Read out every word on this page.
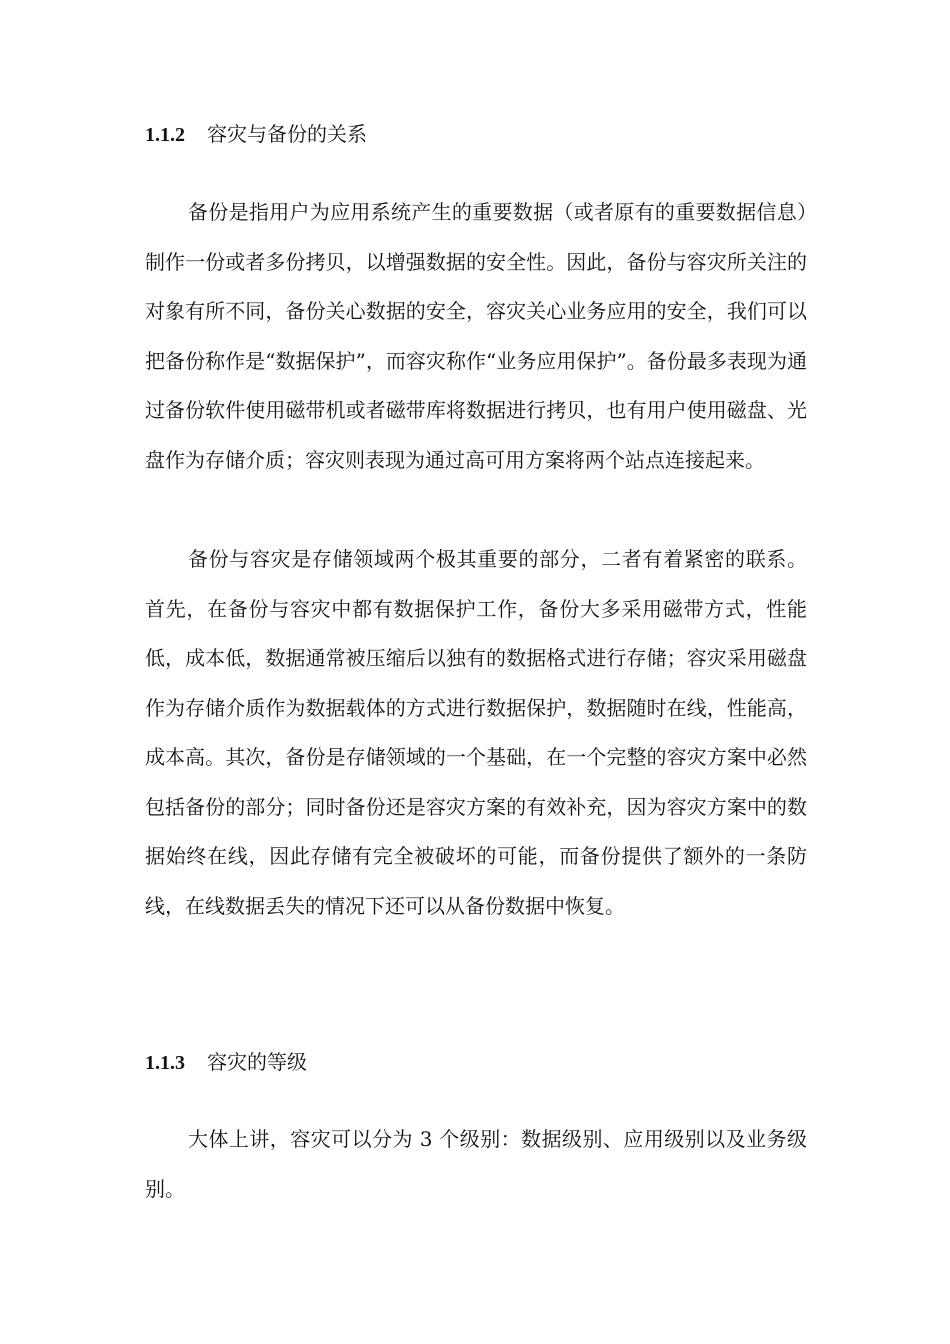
1.1.2 容灾与备份的关系

备份是指用户为应用系统产生的重要数据（或者原有的重要数据信息）制作一份或者多份拷贝，以增强数据的安全性。因此，备份与容灾所关注的对象有所不同，备份关心数据的安全，容灾关心业务应用的安全，我们可以把备份称作是“数据保护”，而容灾称作“业务应用保护”。备份最多表现为通过备份软件使用磁带机或者磁带库将数据进行拷贝，也有用户使用磁盘、光盘作为存储介质；容灾则表现为通过高可用方案将两个站点连接起来。

备份与容灾是存储领域两个极其重要的部分，二者有着紧密的联系。首先，在备份与容灾中都有数据保护工作，备份大多采用磁带方式，性能低，成本低，数据通常被压缩后以独有的数据格式进行存储；容灾采用磁盘作为存储介质作为数据载体的方式进行数据保护，数据随时在线，性能高，成本高。其次，备份是存储领域的一个基础，在一个完整的容灾方案中必然包括备份的部分；同时备份还是容灾方案的有效补充，因为容灾方案中的数据始终在线，因此存储有完全被破坏的可能，而备份提供了额外的一条防线，在线数据丢失的情况下还可以从备份数据中恢复。

1.1.3 容灾的等级

大体上讲，容灾可以分为 3 个级别：数据级别、应用级别以及业务级别。
